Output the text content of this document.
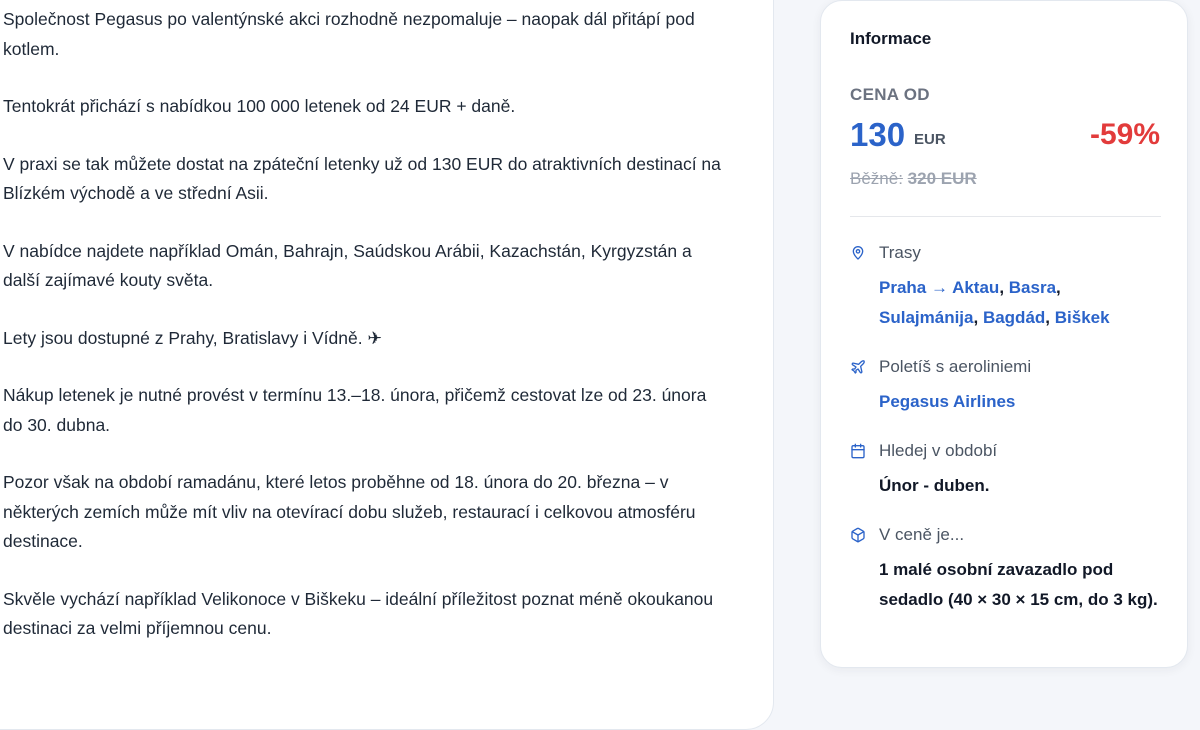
Společnost Pegasus po valentýnské akci rozhodně nezpomaluje – naopak dál přitápí pod kotlem.

Tentokrát přichází s nabídkou 100 000 letenek od 24 EUR + daně.

V praxi se tak můžete dostat na zpáteční letenky už od 130 EUR do atraktivních destinací na Blízkém východě a ve střední Asii.

V nabídce najdete například Omán, Bahrajn, Saúdskou Arábii, Kazachstán, Kyrgyzstán a další zajímavé kouty světa.

Lety jsou dostupné z Prahy, Bratislavy i Vídně. ✈

Nákup letenek je nutné provést v termínu 13.–18. února, přičemž cestovat lze od 23. února do 30. dubna.

Pozor však na období ramadánu, které letos proběhne od 18. února do 20. března – v některých zemích může mít vliv na otevírací dobu služeb, restaurací i celkovou atmosféru destinace.

Skvěle vychází například Velikonoce v Biškeku – ideální příležitost poznat méně okoukanou destinaci za velmi příjemnou cenu.

Informace
CENA OD
130 EUR	-59%
Běžně: 320 EUR
Trasy
Praha → Aktau, Basra,
Sulajmánija, Bagdád, Biškek
Poletíš s aeroliniemi
Pegasus Airlines
Hledej v období
Únor - duben.
V ceně je...
1 malé osobní zavazadlo pod sedadlo (40 × 30 × 15 cm, do 3 kg).
